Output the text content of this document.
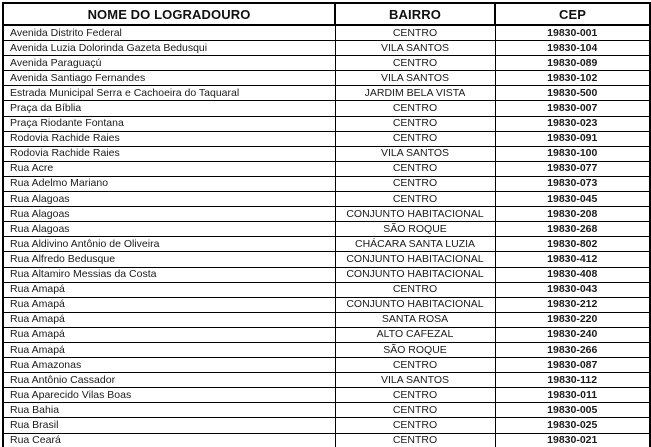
NOME DO LOGRADOURO	BAIRRO	CEP
Avenida Distrito Federal	CENTRO	19830-001
Avenida Luzia Dolorinda Gazeta Bedusqui	VILA SANTOS	19830-104
Avenida Paraguaçú	CENTRO	19830-089
Avenida Santiago Fernandes	VILA SANTOS	19830-102
Estrada Municipal Serra e Cachoeira do Taquaral	JARDIM BELA VISTA	19830-500
Praça da Bíblia	CENTRO	19830-007
Praça Riodante Fontana	CENTRO	19830-023
Rodovia Rachide Raies	CENTRO	19830-091
Rodovia Rachide Raies	VILA SANTOS	19830-100
Rua Acre	CENTRO	19830-077
Rua Adelmo Mariano	CENTRO	19830-073
Rua Alagoas	CENTRO	19830-045
Rua Alagoas	CONJUNTO HABITACIONAL	19830-208
Rua Alagoas	SÃO ROQUE	19830-268
Rua Aldivino Antônio de Oliveira	CHÁCARA SANTA LUZIA	19830-802
Rua Alfredo Bedusque	CONJUNTO HABITACIONAL	19830-412
Rua Altamiro Messias da Costa	CONJUNTO HABITACIONAL	19830-408
Rua Amapá	CENTRO	19830-043
Rua Amapá	CONJUNTO HABITACIONAL	19830-212
Rua Amapá	SANTA ROSA	19830-220
Rua Amapá	ALTO CAFEZAL	19830-240
Rua Amapá	SÃO ROQUE	19830-266
Rua Amazonas	CENTRO	19830-087
Rua Antônio Cassador	VILA SANTOS	19830-112
Rua Aparecido Vilas Boas	CENTRO	19830-011
Rua Bahia	CENTRO	19830-005
Rua Brasil	CENTRO	19830-025
Rua Ceará	CENTRO	19830-021
